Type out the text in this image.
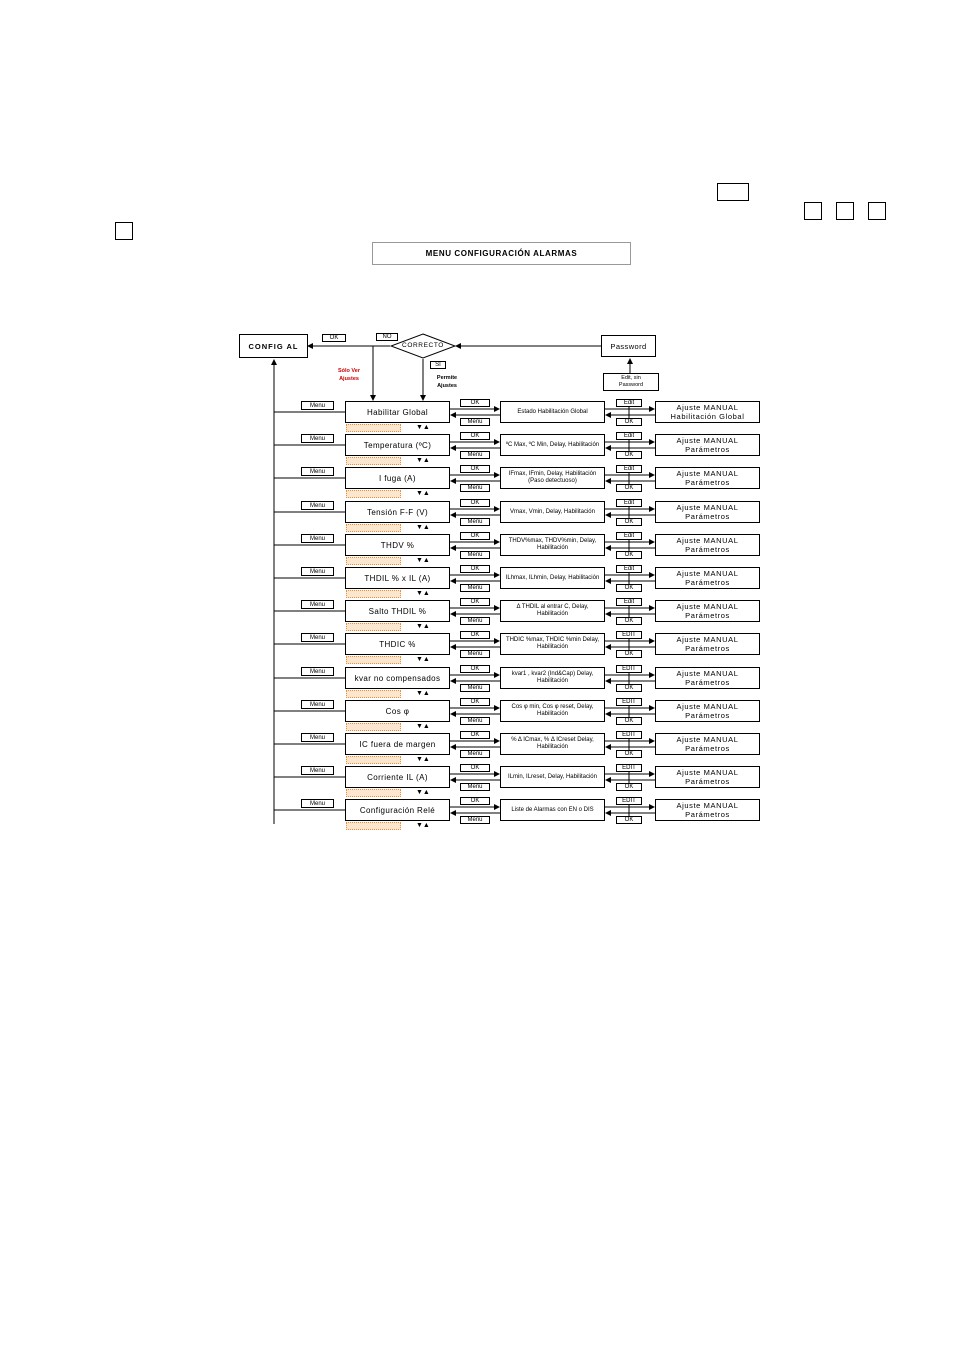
MENU CONFIGURACIÓN ALARMAS
CONFIG AL
OK	NO
CORRECTO
SI
Password
Edit, sin Password
Sólo Ver Ajustes	Permite Ajustes
Menu
Habilitar Global
▼▲
OK
Menu
Estado Habilitación Global
Edit
OK
Ajuste MANUAL Habilitación Global
Menu
Temperatura (ºC)
▼▲
OK
Menu
ºC Max, ºC Min, Delay, Habilitación
Edit
OK
Ajuste MANUAL Parámetros
Menu
I fuga (A)
▼▲
OK
Menu
IFmax, IFmin, Delay, Habilitación (Paso detectuoso)
Edit
OK
Ajuste MANUAL Parámetros
Menu
Tensión F-F (V)
▼▲
OK
Menu
Vmax, Vmin, Delay, Habilitación
Edit
OK
Ajuste MANUAL Parámetros
Menu
THDV %
▼▲
OK
Menu
THDV%max, THDV%min, Delay, Habilitación
Edit
OK
Ajuste MANUAL Parámetros
Menu
THDIL % x IL (A)
▼▲
OK
Menu
ILhmax, ILhmin, Delay, Habilitación
Edit
OK
Ajuste MANUAL Parámetros
Menu
Salto THDIL %
▼▲
OK
Menu
Δ THDIL al entrar C, Delay, Habilitación
Edit
OK
Ajuste MANUAL Parámetros
Menu
THDIC %
▼▲
OK
Menu
THDIC %max, THDIC %min Delay, Habilitación
EDIT
OK
Ajuste MANUAL Parámetros
Menu
kvar no compensados
▼▲
OK
Menu
kvar1 , kvar2 (Ind&Cap) Delay, Habilitación
EDIT
OK
Ajuste MANUAL Parámetros
Menu
Cos φ
▼▲
OK
Menu
Cos φ min, Cos φ reset, Delay, Habilitación
EDIT
OK
Ajuste MANUAL Parámetros
Menu
IC fuera de margen
▼▲
OK
Menu
% Δ ICmax, % Δ ICreset Delay, Habilitación
EDIT
OK
Ajuste MANUAL Parámetros
Menu
Corriente IL (A)
▼▲
OK
Menu
ILmin, ILreset, Delay, Habilitación
EDIT
OK
Ajuste MANUAL Parámetros
Menu
Configuración Relé
▼▲
OK
Menu
Liste de Alarmas con EN o DIS
EDIT
OK
Ajuste MANUAL Parámetros
